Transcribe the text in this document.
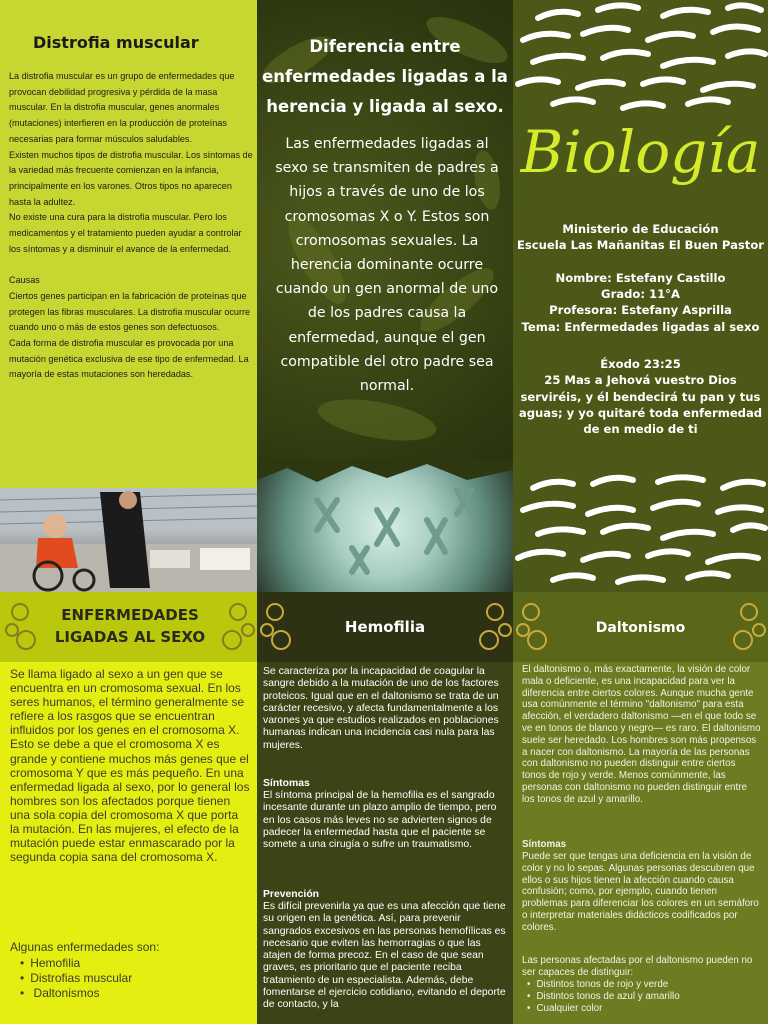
Distrofia muscular

La distrofia muscular es un grupo de enfermedades que provocan debilidad progresiva y pérdida de la masa muscular. En la distrofia muscular, genes anormales (mutaciones) interfieren en la producción de proteínas necesarias para formar músculos saludables.

Existen muchos tipos de distrofia muscular. Los síntomas de la variedad más frecuente comienzan en la infancia, principalmente en los varones. Otros tipos no aparecen hasta la adultez.

No existe una cura para la distrofia muscular. Pero los medicamentos y el tratamiento pueden ayudar a controlar los síntomas y a disminuir el avance de la enfermedad.

Causas

Ciertos genes participan en la fabricación de proteínas que protegen las fibras musculares. La distrofia muscular ocurre cuando uno o más de estos genes son defectuosos.

Cada forma de distrofia muscular es provocada por una mutación genética exclusiva de ese tipo de enfermedad. La mayoría de estas mutaciones son heredadas.

Diferencia entre enfermedades ligadas a la herencia y ligada al sexo.

Las enfermedades ligadas al sexo se transmiten de padres a hijos a través de uno de los cromosomas X o Y. Estos son cromosomas sexuales. La herencia dominante ocurre cuando un gen anormal de uno de los padres causa la enfermedad, aunque el gen compatible del otro padre sea normal.

Biología

Ministerio de Educación

Escuela Las Mañanitas El Buen Pastor

Nombre: Estefany Castillo

Grado: 11°A

Profesora: Estefany Asprilla

Tema: Enfermedades ligadas al sexo

Éxodo 23:25

25 Mas a Jehová vuestro Dios serviréis, y él bendecirá tu pan y tus aguas; y yo quitaré toda enfermedad de en medio de ti

ENFERMEDADES LIGADAS AL SEXO

Se llama ligado al sexo a un gen que se encuentra en un cromosoma sexual. En los seres humanos, el término generalmente se refiere a los rasgos que se encuentran influidos por los genes en el cromosoma X. Esto se debe a que el cromosoma X es grande y contiene muchos más genes que el cromosoma Y que es más pequeño. En una enfermedad ligada al sexo, por lo general los hombres son los afectados porque tienen una sola copia del cromosoma X que porta la mutación. En las mujeres, el efecto de la mutación puede estar enmascarado por la segunda copia sana del cromosoma X.

Algunas enfermedades son:

• Hemofilia
• Distrofias muscular
• Daltonismos
Hemofilia

Se caracteriza por la incapacidad de coagular la sangre debido a la mutación de uno de los factores proteicos. Igual que en el daltonismo se trata de un carácter recesivo, y afecta fundamentalmente a los varones ya que estudios realizados en poblaciones humanas indican una incidencia casi nula para las mujeres.

Síntomas

El síntoma principal de la hemofilia es el sangrado incesante durante un plazo amplio de tiempo, pero en los casos más leves no se advierten signos de padecer la enfermedad hasta que el paciente se somete a una cirugía o sufre un traumatismo.

Prevención

Es difícil prevenirla ya que es una afección que tiene su origen en la genética. Así, para prevenir sangrados excesivos en las personas hemofílicas es necesario que eviten las hemorragias o que las atajen de forma precoz. En el caso de que sean graves, es prioritario que el paciente reciba tratamiento de un especialista. Además, debe fomentarse el ejercicio cotidiano, evitando el deporte de contacto, y la

Daltonismo

El daltonismo o, más exactamente, la visión de color mala o deficiente, es una incapacidad para ver la diferencia entre ciertos colores. Aunque mucha gente usa comúnmente el término "daltonismo" para esta afección, el verdadero daltonismo —en el que todo se ve en tonos de blanco y negro— es raro. El daltonismo suele ser heredado. Los hombres son más propensos a nacer con daltonismo. La mayoría de las personas con daltonismo no pueden distinguir entre ciertos tonos de rojo y verde. Menos comúnmente, las personas con daltonismo no pueden distinguir entre los tonos de azul y amarillo.

Síntomas

Puede ser que tengas una deficiencia en la visión de color y no lo sepas. Algunas personas descubren que ellos o sus hijos tienen la afección cuando causa confusión; como, por ejemplo, cuando tienen problemas para diferenciar los colores en un semáforo o interpretar materiales didácticos codificados por colores.

Las personas afectadas por el daltonismo pueden no ser capaces de distinguir:

• Distintos tonos de rojo y verde
• Distintos tonos de azul y amarillo
• Cualquier color
